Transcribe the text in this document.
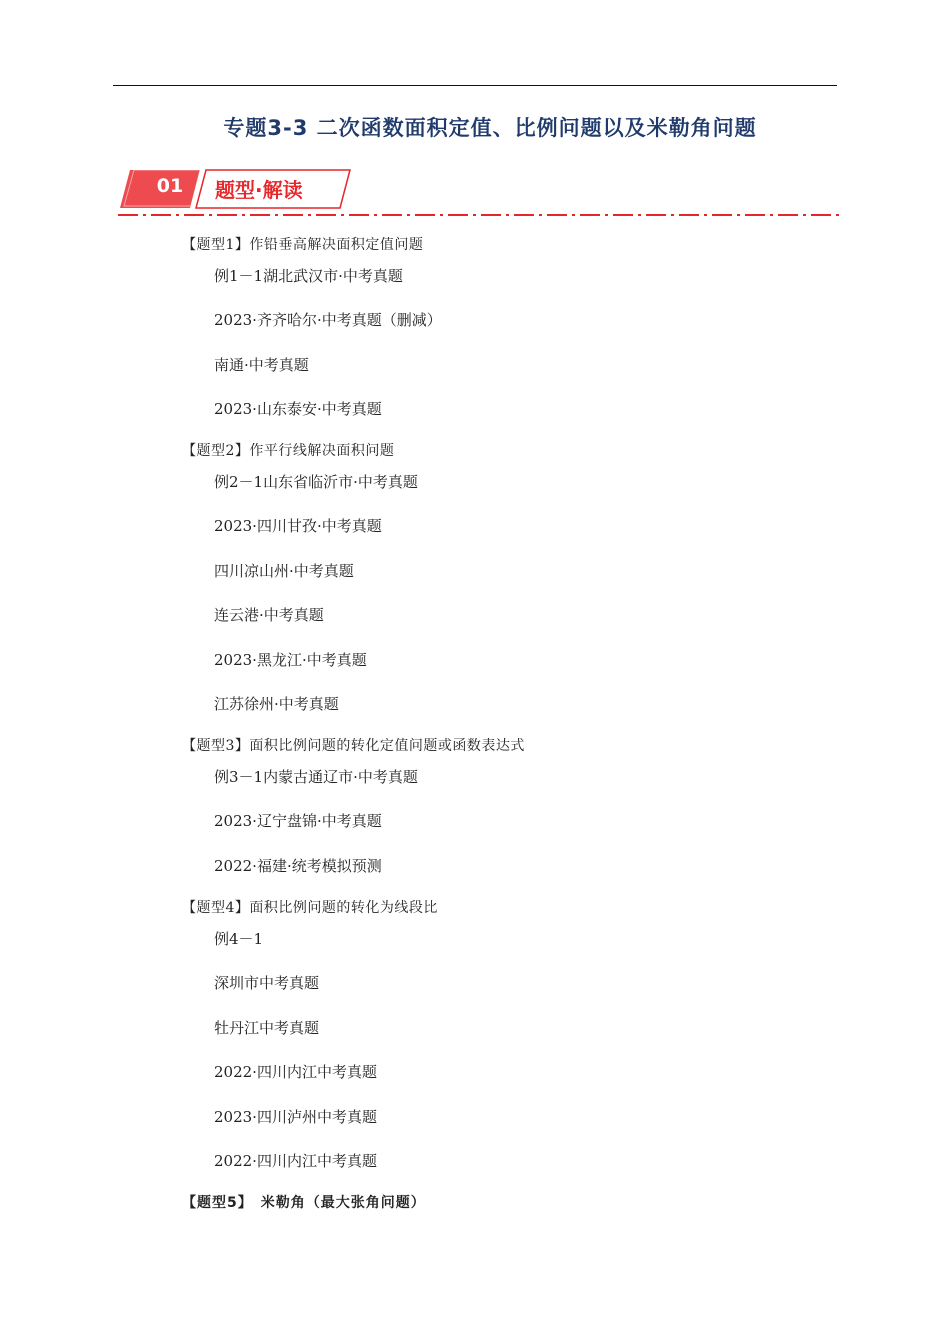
专题3-3 二次函数面积定值、比例问题以及米勒角问题
01	题型·解读
【题型1】作铅垂高解决面积定值问题
例1－1湖北武汉市·中考真题
2023·齐齐哈尔·中考真题（删减）
南通·中考真题
2023·山东泰安·中考真题
【题型2】作平行线解决面积问题
例2－1山东省临沂市·中考真题
2023·四川甘孜·中考真题
四川凉山州·中考真题
连云港·中考真题
2023·黑龙江·中考真题
江苏徐州·中考真题
【题型3】面积比例问题的转化定值问题或函数表达式
例3－1内蒙古通辽市·中考真题
2023·辽宁盘锦·中考真题
2022·福建·统考模拟预测
【题型4】面积比例问题的转化为线段比
例4－1
深圳市中考真题
牡丹江中考真题
2022·四川内江中考真题
2023·四川泸州中考真题
2022·四川内江中考真题
【题型5】　米勒角（最大张角问题）
